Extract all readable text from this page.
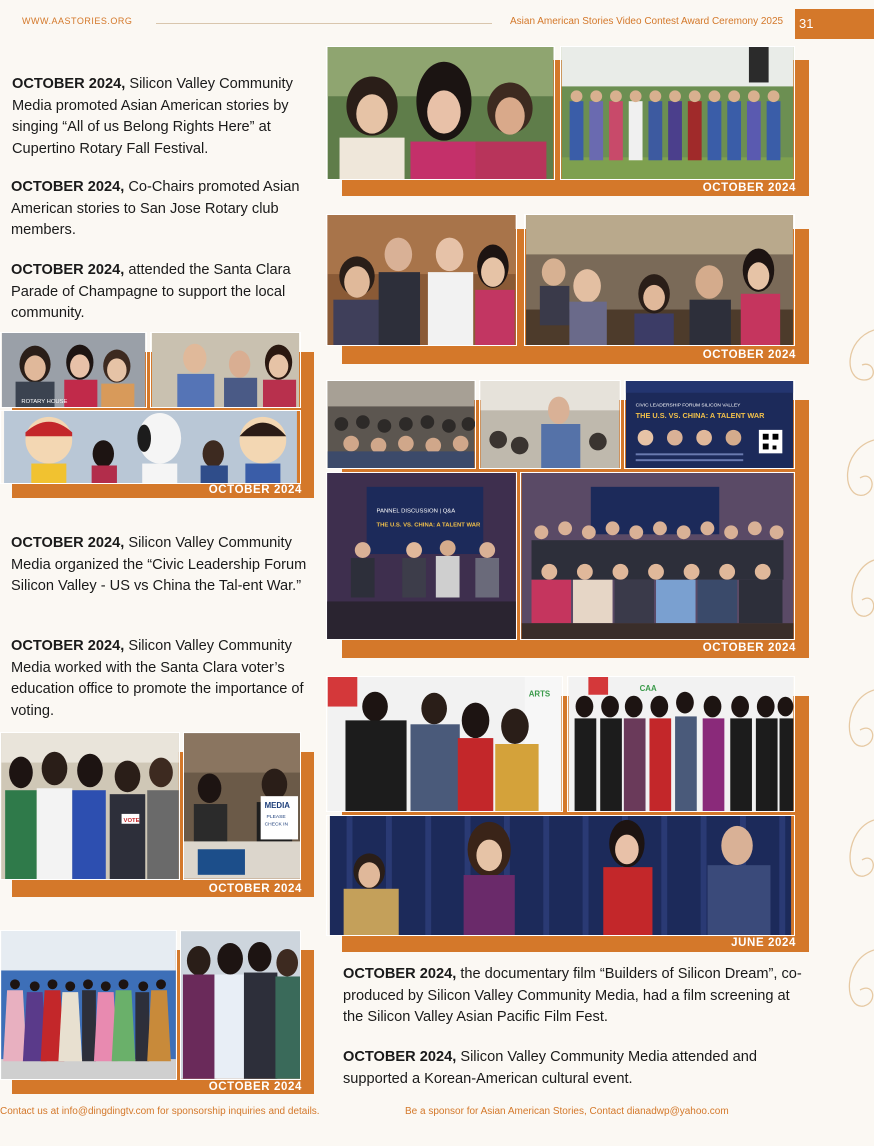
WWW.AASTORIES.ORG	Asian American Stories Video Contest Award Ceremony 2025	31
OCTOBER 2024, Silicon Valley Community Media promoted Asian American stories by singing “All of us Belong Rights Here” at Cupertino Rotary Fall Festival.
OCTOBER 2024, Co-Chairs promoted Asian American stories to San Jose Rotary club members.
OCTOBER 2024, attended the Santa Clara Parade of Champagne to support the local community.
OCTOBER 2024, Silicon Valley Community Media organized the “Civic Leadership Forum Silicon Valley - US vs China the Tal-ent War.”
OCTOBER 2024, Silicon Valley Community Media worked with the Santa Clara voter’s education office to promote the importance of voting.
OCTOBER 2024, the documentary film “Builders of Silicon Dream”, co-produced by Silicon Valley Community Media, had a film screening at the Silicon Valley Asian Pacific Film Fest.
OCTOBER 2024, Silicon Valley Community Media attended and supported a Korean-American cultural event.
OCTOBER 2024
OCTOBER 2024
ROTARY HOUSE
OCTOBER 2024
CIVIC LEADERSHIP FORUM SILICON VALLEY
THE U.S. VS. CHINA: A TALENT WAR
PANNEL DISCUSSION | Q&A
THE U.S. VS. CHINA: A TALENT WAR
OCTOBER 2024
VOTE
MEDIA
PLEASE
CHECK IN
OCTOBER 2024
ARTS
CAA
JUNE 2024
OCTOBER 2024
Contact us at info@dingdingtv.com for sponsorship inquiries and details.	Be a sponsor for Asian American Stories, Contact dianadwp@yahoo.com
